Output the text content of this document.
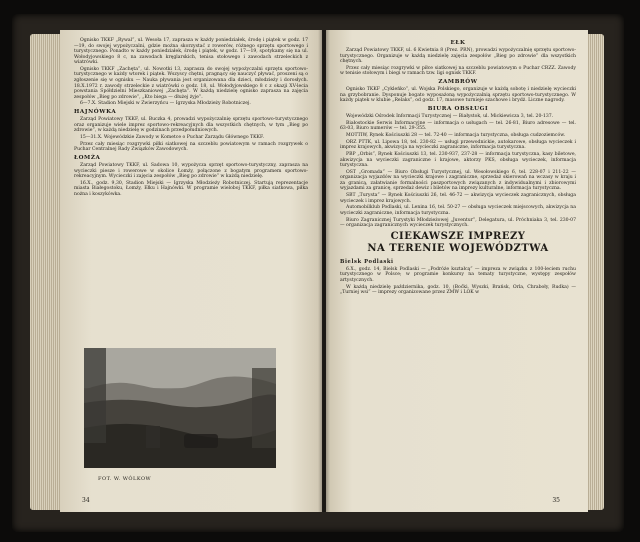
Ognisko TKKF „Rywal”, ul. Wesoła 17, zaprasza w każdy poniedziałek, środę i piątek w godz. 17—19, do swojej wypożyczalni, gdzie można skorzystać z rowerów, różnego sprzętu sportowego i turystycznego. Ponadto w każdy poniedziałek, środę i piątek, w godz. 17—19, spotykamy się na ul. Wołodyjowskiego 8 c, na zawodach kręglarskich, tenisa stołowego i zawodach strzeleckich z wiatrówki.

Ognisko TKKF „Zachęta”, ul. Nowotki 13, zaprasza do swojej wypożyczalni sprzętu sportowo-turystycznego w każdy wtorek i piątek. Wszyscy chętni, pragnący się nauczyć pływać, proszeni są o zgłoszenie się w ognisku — Nauka pływania jest organizowana dla dzieci, młodzieży i dorosłych. 18.X.1972 r. zawody strzeleckie z wiatrówki o godz. 18, ul. Wołodyjowskiego 8 c z okazji XV-lecia powstania Spółdzielni Mieszkaniowej „Zachęta”. W każdą niedzielę ognisko zaprasza na zajęcia zespołów „Bieg po zdrowie”, „Kto biega — dłużej żyje”.

6—7.X. Stadion Miejski w Zwierzyńcu — Igrzyska Młodzieży Robotniczej.

HAJNÓWKA

Zarząd Powiatowy TKKF, ul. Buczka 4, prowadzi wypożyczalnię sprzętu sportowo-turystycznego oraz organizuje wiele imprez sportowo-rekreacyjnych dla wszystkich chętnych, w tym „Bieg po zdrowie”, w każdą niedzielę w godzinach przedpołudniowych.

15—31.X. Wojewódzkie Zawody w Kometce o Puchar Zarządu Głównego TKKF.

Przez cały miesiąc rozgrywki piłki siatkowej na szczeblu powiatowym w ramach rozgrywek o Puchar Centralnej Rady Związków Zawodowych.

ŁOMŻA

Zarząd Powiatowy TKKF, ul. Sadowa 10, wypożycza sprzęt sportowo-turystyczny, zaprasza na wycieczki piesze i rowerowe w okolice Łomży, połączone z bogatym programem sportowo-rekreacyjnym. Wycieczki i zajęcia zespołów „Bieg po zdrowie” w każdą niedzielę.

16.X., godz. 9,30, Stadion Miejski — Igrzyska Młodzieży Robotniczej. Startują reprezentacje miasta Białegostoku, Łomży, Ełku i Hajnówki. W programie wieloboj TKKF, piłka siatkowa, piłka nożna i koszykówka.

FOT. W. WÓLKOW
34
EŁK

Zarząd Powiatowy TKKF, ul. 6 Kwietnia 8 (Prez. PRN), prowadzi wypożyczalnię sprzętu sportowo-turystycznego. Organizuje w każdą niedzielę zajęcia zespołów „Bieg po zdrowie” dla wszystkich chętnych.

Przez cały miesiąc rozgrywki w piłce siatkowej na szczeblu powiatowym o Puchar CRZZ. Zawody w tenisie stołowym i biegi w ramach tzw. ligi ognisk TKKF.

ZAMBRÓW

Ognisko TKKF „Cykleńko”, ul. Wojska Polskiego, organizuje w każdą sobotę i niedzielę wycieczki na grzybobranie. Dysponuje bogato wyposażoną wypożyczalnią sprzętu sportowo-turystycznego. W każdy piątek w klubie „Relaks”, od godz. 17, masowe turnieje szachowe i brydż. Liczne nagrody.

BIURA OBSŁUGI

Wojewódzki Ośrodek Informacji Turystycznej — Białystok, ul. Mickiewicza 3, tel. 20-137.

Białostockie Serwis Informacyjne — informacja o usługach — tel. 26-81, Biuro adresowe — tel. 63-03, Biuro numerów — tel. 29-355.

MOTTIW, Rynek Kościuszki 28 — tel. 72-40 — informacja turystyczna, obsługa cudzoziemców.

ORZ PTTK, ul. Lipowa 18, tel. 230-82 — usługi przewodnickie, autokarowe, obsługa wycieczek i imprez krajowych, akwizycja na wycieczki zagraniczne, informacja turystyczna.

PBP „Orbis”, Rynek Kościuszki 13, tel. 230-937, 237-28 — informacja turystyczna, kasy biletowe, akwizycja na wycieczki zagraniczne i krajowe, aktorzy PKS, obsługa wycieczek, informacja turystyczna.

OST „Gromada” — Biuro Obsługi Turystycznej, ul. Wesołowskiego 6, tel. 228-07 i 211-22 — organizacja wyjazdów na wycieczki krajowe i zagraniczne, sprzedaż skierowań na wczasy w kraju i za granicą, załatwianie formalności paszportowych związanych z indywidualnymi i zbiorowymi wyjazdami za granicę, sprzedaż dewiz i biletów na imprezy kulturalne, informacja turystyczna.

SBT „Turysta” — Rynek Kościuszki 26, tel. 46-72 — akwizycja wycieczek zagranicznych, obsługa wycieczek i imprez krajowych.

Automobilklub Podlaski, ul. Lenina 16, tel. 50-27 — obsługa wycieczek miejscowych, akwizycja na wycieczki zagraniczne, informacja turystyczna.

Biuro Zagranicznej Turystyki Młodzieżowej „Juventur”, Delegatura, ul. Próchniaka 3, tel. 230-07 — organizacja zagranicznych wycieczek turystycznych.

CIEKAWSZE IMPREZY
NA TERENIE WOJEWÓDZTWA
Bielsk Podlaski

6.X., godz. 14, Bielsk Podlaski — „Podróże kształcą” — impreza w związku z 100-leciem ruchu turystycznego w Polsce; w programie konkursy na tematy turystyczne, występy zespołów artystycznych.

W każdą niedzielę października, godz. 10, (Boćki, Wyszki, Brańsk, Orla, Chraboły, Rudka) — „Turniej wsi” — imprezy organizowane przez ZMW i LOK w

35
